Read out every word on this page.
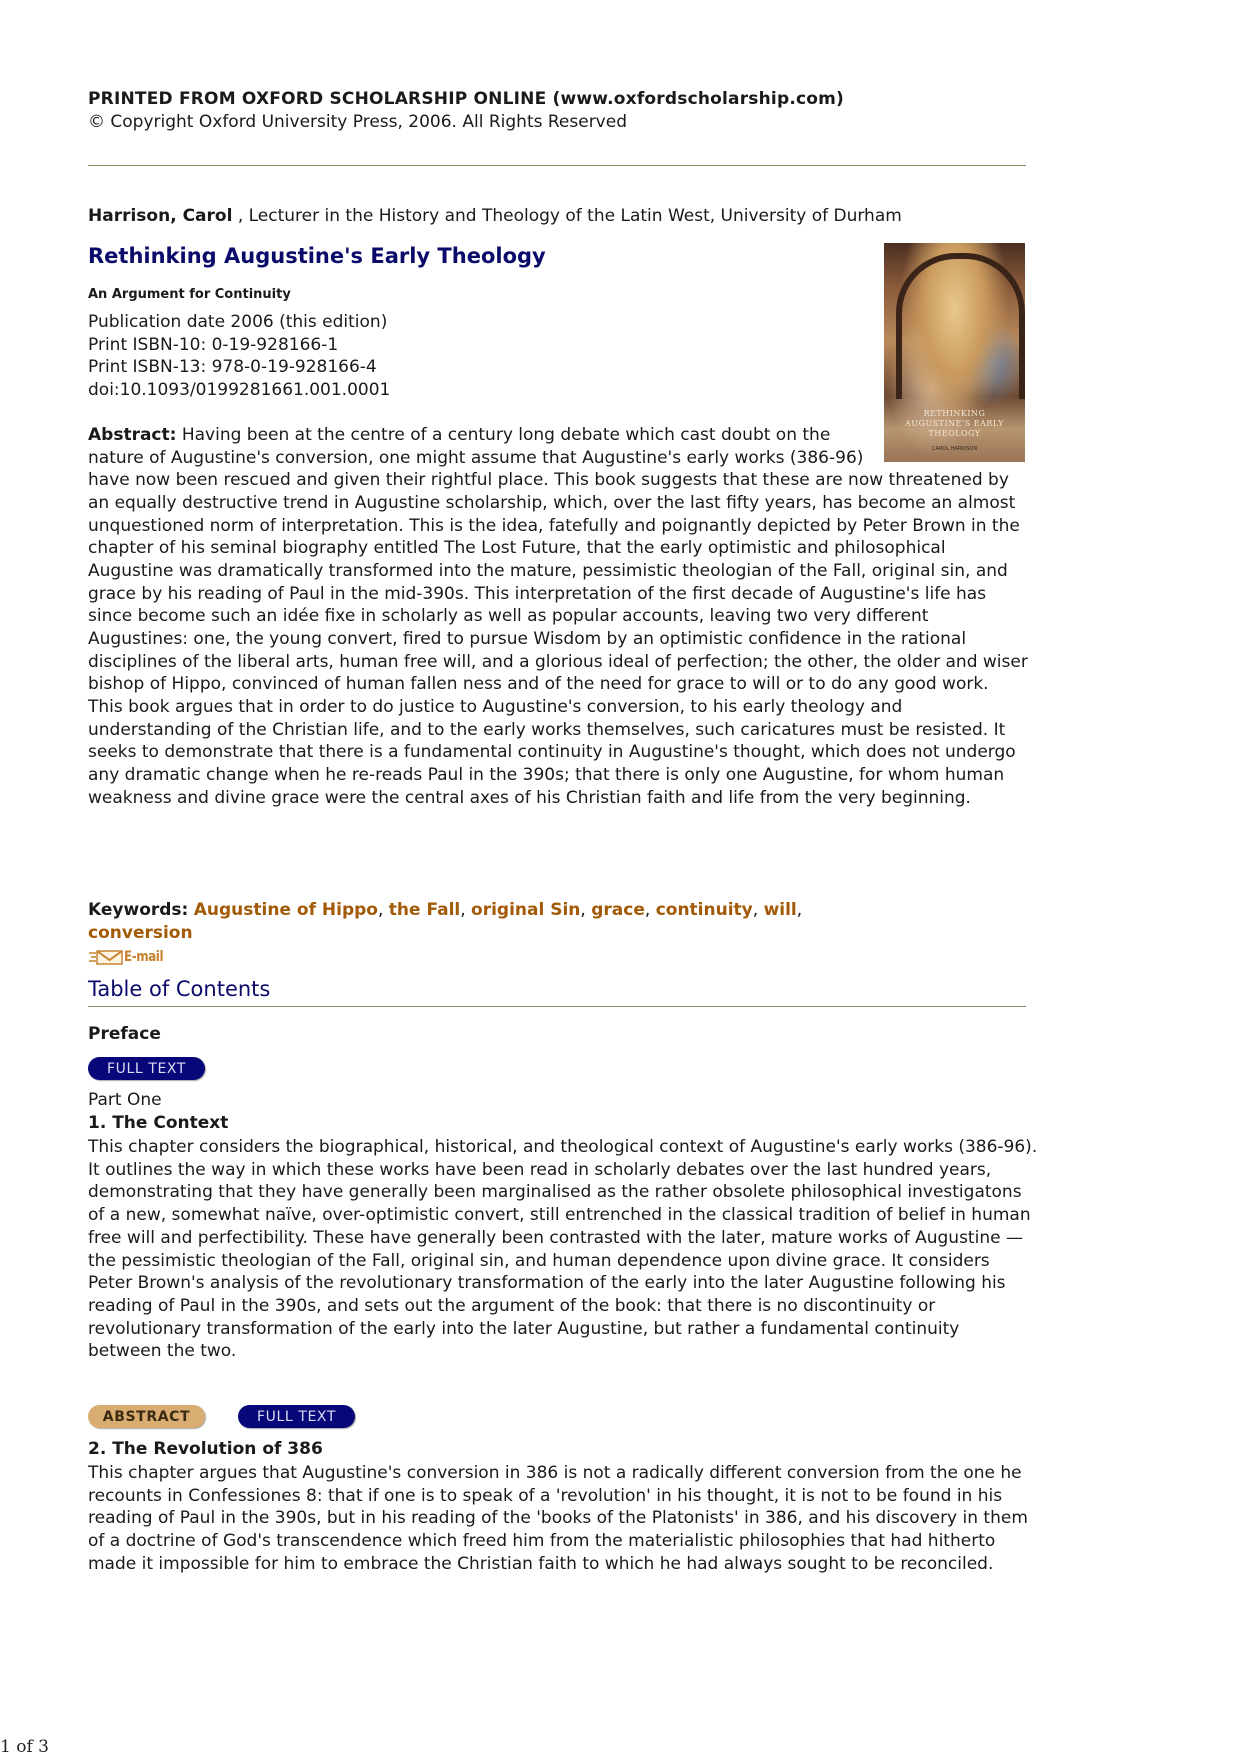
PRINTED FROM OXFORD SCHOLARSHIP ONLINE (www.oxfordscholarship.com)
© Copyright Oxford University Press, 2006. All Rights Reserved
Harrison, Carol , Lecturer in the History and Theology of the Latin West, University of Durham
Rethinking Augustine's Early Theology
An Argument for Continuity
Publication date 2006 (this edition)
Print ISBN-10: 0-19-928166-1
Print ISBN-13: 978-0-19-928166-4
doi:10.1093/0199281661.001.0001
RETHINKING AUGUSTINE'S EARLY THEOLOGY
CAROL HARRISON
Abstract: Having been at the centre of a century long debate which cast doubt on the nature of Augustine's conversion, one might assume that Augustine's early works (386-96) have now been rescued and given their rightful place. This book suggests that these are now threatened by an equally destructive trend in Augustine scholarship, which, over the last fifty years, has become an almost unquestioned norm of interpretation. This is the idea, fatefully and poignantly depicted by Peter Brown in the chapter of his seminal biography entitled The Lost Future, that the early optimistic and philosophical Augustine was dramatically transformed into the mature, pessimistic theologian of the Fall, original sin, and grace by his reading of Paul in the mid-390s. This interpretation of the first decade of Augustine's life has since become such an idée fixe in scholarly as well as popular accounts, leaving two very different Augustines: one, the young convert, fired to pursue Wisdom by an optimistic confidence in the rational disciplines of the liberal arts, human free will, and a glorious ideal of perfection; the other, the older and wiser bishop of Hippo, convinced of human fallen ness and of the need for grace to will or to do any good work. This book argues that in order to do justice to Augustine's conversion, to his early theology and understanding of the Christian life, and to the early works themselves, such caricatures must be resisted. It seeks to demonstrate that there is a fundamental continuity in Augustine's thought, which does not undergo any dramatic change when he re-reads Paul in the 390s; that there is only one Augustine, for whom human weakness and divine grace were the central axes of his Christian faith and life from the very beginning.
Keywords: Augustine of Hippo, the Fall, original Sin, grace, continuity, will,
conversion
E-mail
Table of Contents
Preface
FULL TEXT
Part One
1. The Context
This chapter considers the biographical, historical, and theological context of Augustine's early works (386-96). It outlines the way in which these works have been read in scholarly debates over the last hundred years, demonstrating that they have generally been marginalised as the rather obsolete philosophical investigatons of a new, somewhat naïve, over-optimistic convert, still entrenched in the classical tradition of belief in human free will and perfectibility. These have generally been contrasted with the later, mature works of Augustine — the pessimistic theologian of the Fall, original sin, and human dependence upon divine grace. It considers Peter Brown's analysis of the revolutionary transformation of the early into the later Augustine following his reading of Paul in the 390s, and sets out the argument of the book: that there is no discontinuity or revolutionary transformation of the early into the later Augustine, but rather a fundamental continuity between the two.
ABSTRACT	FULL TEXT
2. The Revolution of 386
This chapter argues that Augustine's conversion in 386 is not a radically different conversion from the one he recounts in Confessiones 8: that if one is to speak of a 'revolution' in his thought, it is not to be found in his reading of Paul in the 390s, but in his reading of the 'books of the Platonists' in 386, and his discovery in them of a doctrine of God's transcendence which freed him from the materialistic philosophies that had hitherto made it impossible for him to embrace the Christian faith to which he had always sought to be reconciled.
1 of 3
